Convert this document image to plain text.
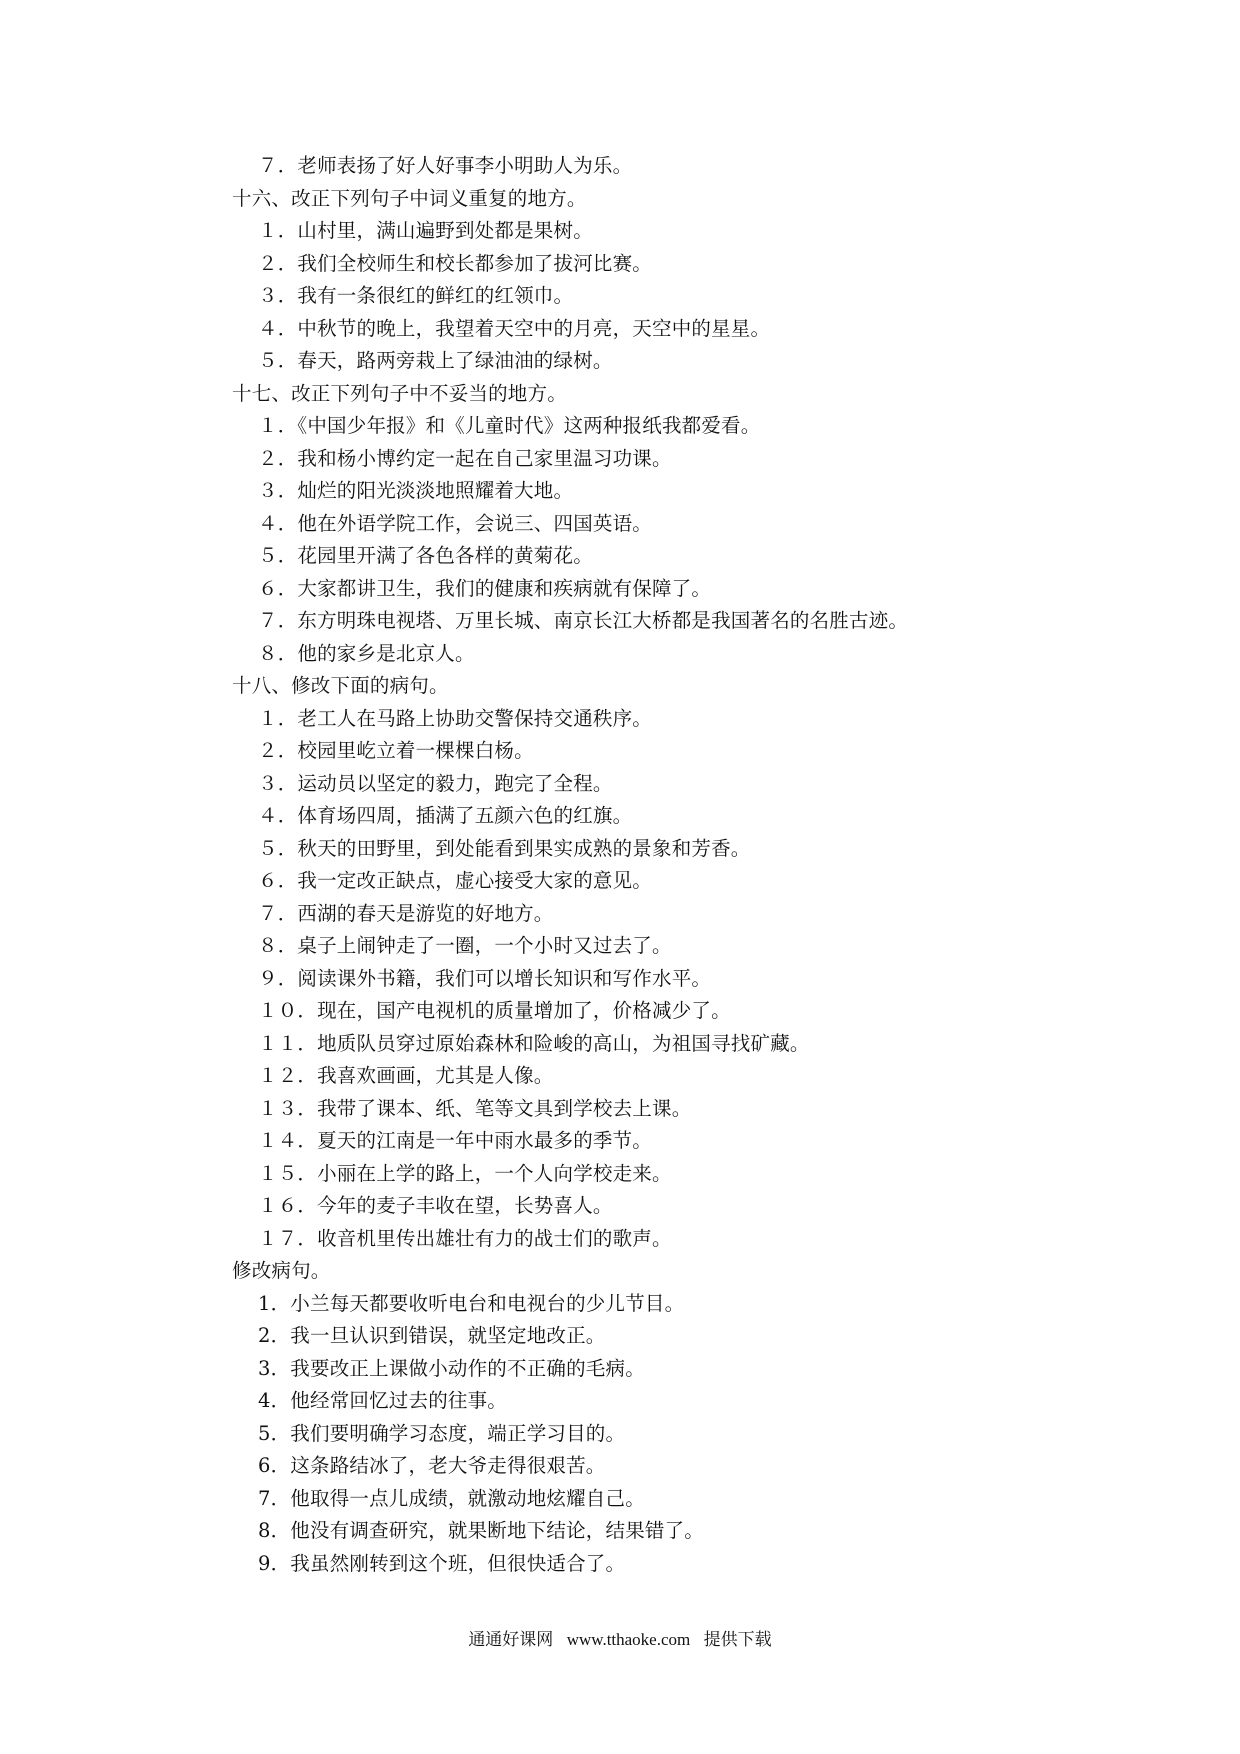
７．老师表扬了好人好事李小明助人为乐。
十六、改正下列句子中词义重复的地方。
１．山村里，满山遍野到处都是果树。
２．我们全校师生和校长都参加了拔河比赛。
３．我有一条很红的鲜红的红领巾。
４．中秋节的晚上，我望着天空中的月亮，天空中的星星。
５．春天，路两旁栽上了绿油油的绿树。
十七、改正下列句子中不妥当的地方。
１．《中国少年报》和《儿童时代》这两种报纸我都爱看。
２．我和杨小博约定一起在自己家里温习功课。
３．灿烂的阳光淡淡地照耀着大地。
４．他在外语学院工作，会说三、四国英语。
５．花园里开满了各色各样的黄菊花。
６．大家都讲卫生，我们的健康和疾病就有保障了。
７．东方明珠电视塔、万里长城、南京长江大桥都是我国著名的名胜古迹。
８．他的家乡是北京人。
十八、修改下面的病句。
１．老工人在马路上协助交警保持交通秩序。
２．校园里屹立着一棵棵白杨。
３．运动员以坚定的毅力，跑完了全程。
４．体育场四周，插满了五颜六色的红旗。
５．秋天的田野里，到处能看到果实成熟的景象和芳香。
６．我一定改正缺点，虚心接受大家的意见。
７．西湖的春天是游览的好地方。
８．桌子上闹钟走了一圈，一个小时又过去了。
９．阅读课外书籍，我们可以增长知识和写作水平。
１０．现在，国产电视机的质量增加了，价格减少了。
１１．地质队员穿过原始森林和险峻的高山，为祖国寻找矿藏。
１２．我喜欢画画，尤其是人像。
１３．我带了课本、纸、笔等文具到学校去上课。
１４．夏天的江南是一年中雨水最多的季节。
１５．小丽在上学的路上，一个人向学校走来。
１６．今年的麦子丰收在望，长势喜人。
１７．收音机里传出雄壮有力的战士们的歌声。
修改病句。
1．小兰每天都要收听电台和电视台的少儿节目。
2．我一旦认识到错误，就坚定地改正。
3．我要改正上课做小动作的不正确的毛病。
4．他经常回忆过去的往事。
5．我们要明确学习态度，端正学习目的。
6．这条路结冰了，老大爷走得很艰苦。
7．他取得一点儿成绩，就激动地炫耀自己。
8．他没有调查研究，就果断地下结论，结果错了。
9．我虽然刚转到这个班，但很快适合了。
通通好课网 www.tthaoke.com 提供下载
